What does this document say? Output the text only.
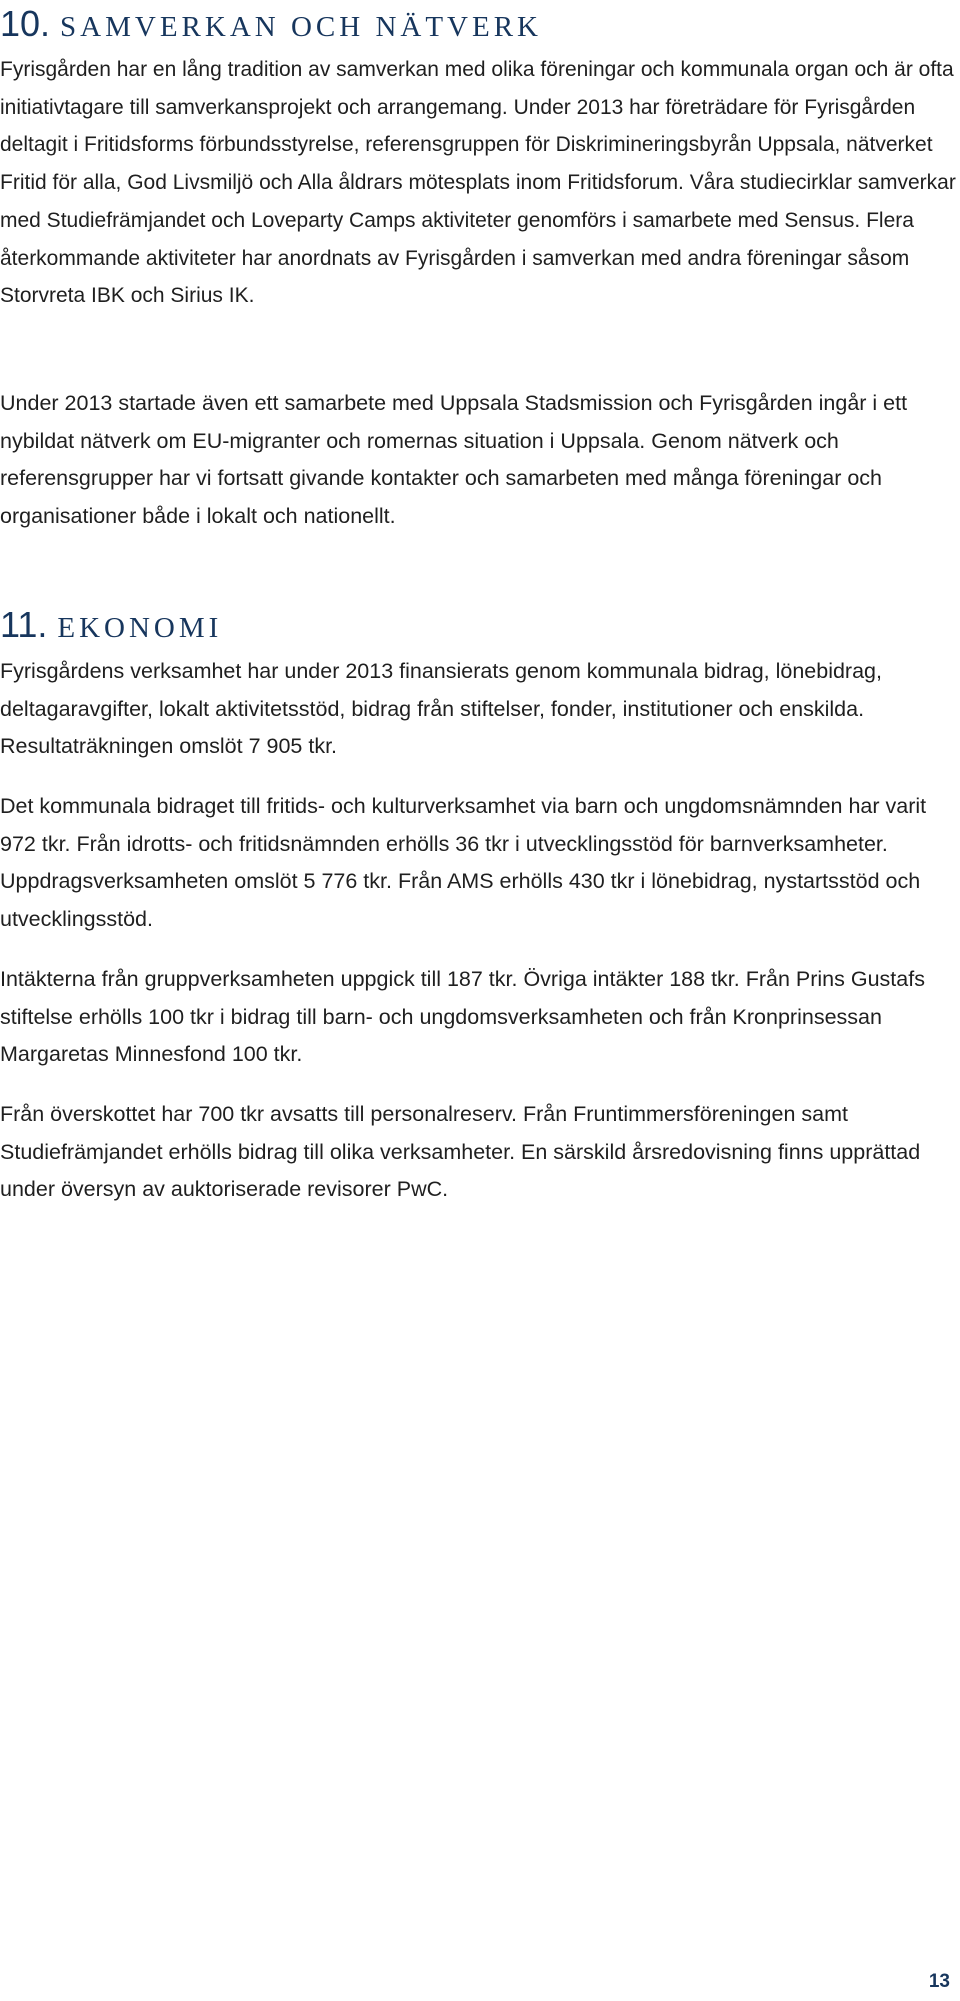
10. SAMVERKAN OCH NÄTVERK

Fyrisgården har en lång tradition av samverkan med olika föreningar och kommunala organ och är ofta initiativtagare till samverkansprojekt och arrangemang. Under 2013 har företrädare för Fyrisgården deltagit i Fritidsforms förbundsstyrelse, referensgruppen för Diskrimineringsbyrån Uppsala, nätverket Fritid för alla, God Livsmiljö och Alla åldrars mötesplats inom Fritidsforum. Våra studiecirklar samverkar med Studiefrämjandet och Loveparty Camps aktiviteter genomförs i samarbete med Sensus. Flera återkommande aktiviteter har anordnats av Fyrisgården i samverkan med andra föreningar såsom Storvreta IBK och Sirius IK.

Under 2013 startade även ett samarbete med Uppsala Stadsmission och Fyrisgården ingår i ett nybildat nätverk om EU-migranter och romernas situation i Uppsala. Genom nätverk och referensgrupper har vi fortsatt givande kontakter och samarbeten med många föreningar och organisationer både i lokalt och nationellt.

11. EKONOMI

Fyrisgårdens verksamhet har under 2013 finansierats genom kommunala bidrag, lönebidrag, deltagaravgifter, lokalt aktivitetsstöd, bidrag från stiftelser, fonder, institutioner och enskilda. Resultaträkningen omslöt 7 905 tkr.

Det kommunala bidraget till fritids- och kulturverksamhet via barn och ungdomsnämnden har varit 972 tkr. Från idrotts- och fritidsnämnden erhölls 36 tkr i utvecklingsstöd för barnverksamheter. Uppdragsverksamheten omslöt 5 776 tkr. Från AMS erhölls 430 tkr i lönebidrag, nystartsstöd och utvecklingsstöd.

Intäkterna från gruppverksamheten uppgick till 187 tkr. Övriga intäkter 188 tkr. Från Prins Gustafs stiftelse erhölls 100 tkr i bidrag till barn- och ungdomsverksamheten och från Kronprinsessan Margaretas Minnesfond 100 tkr.

Från överskottet har 700 tkr avsatts till personalreserv. Från Fruntimmersföreningen samt Studiefrämjandet erhölls bidrag till olika verksamheter. En särskild årsredovisning finns upprättad under översyn av auktoriserade revisorer PwC.

13
